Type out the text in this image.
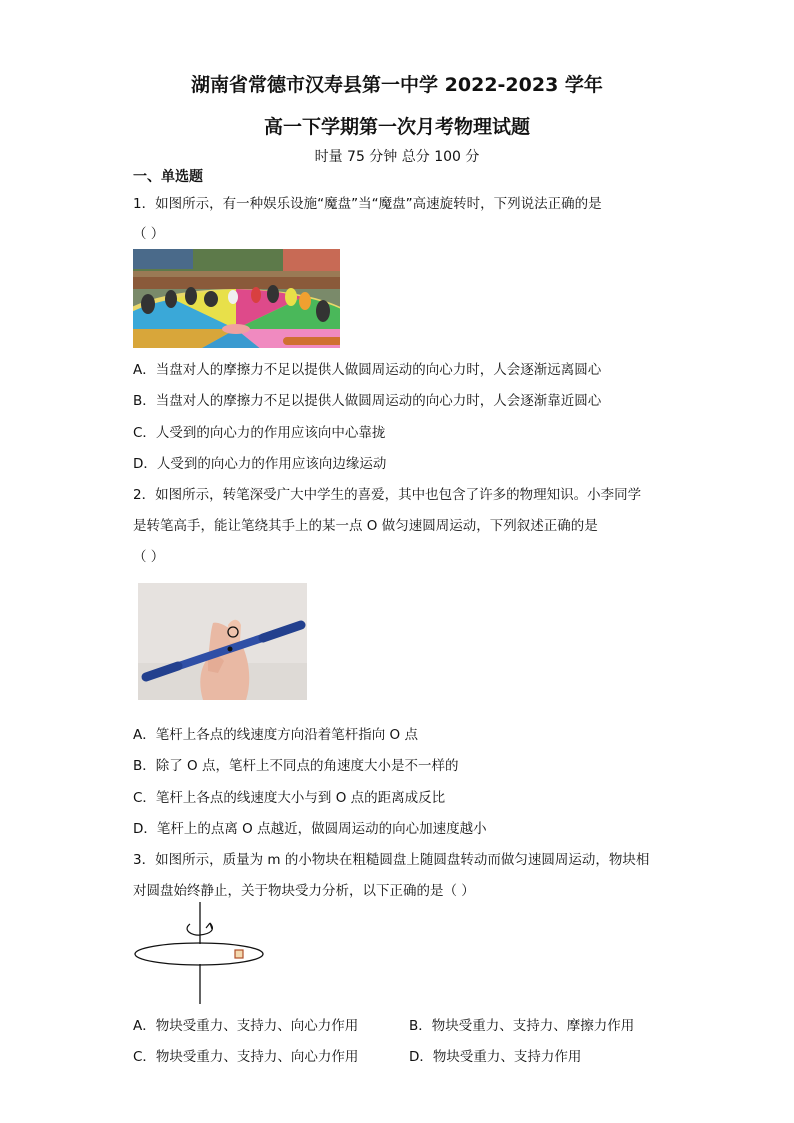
湖南省常德市汉寿县第一中学 2022-2023 学年
高一下学期第一次月考物理试题
时量 75 分钟 总分 100 分
一、单选题
1．如图所示，有一种娱乐设施“魔盘”当“魔盘”高速旋转时，下列说法正确的是
（ ）
A．当盘对人的摩擦力不足以提供人做圆周运动的向心力时，人会逐渐远离圆心
B．当盘对人的摩擦力不足以提供人做圆周运动的向心力时，人会逐渐靠近圆心
C．人受到的向心力的作用应该向中心靠拢
D．人受到的向心力的作用应该向边缘运动
2．如图所示，转笔深受广大中学生的喜爱，其中也包含了许多的物理知识。小李同学
是转笔高手，能让笔绕其手上的某一点 O 做匀速圆周运动，下列叙述正确的是
（ ）
A．笔杆上各点的线速度方向沿着笔杆指向 O 点
B．除了 O 点，笔杆上不同点的角速度大小是不一样的
C．笔杆上各点的线速度大小与到 O 点的距离成反比
D．笔杆上的点离 O 点越近，做圆周运动的向心加速度越小
3．如图所示，质量为 m 的小物块在粗糙圆盘上随圆盘转动而做匀速圆周运动，物块相
对圆盘始终静止，关于物块受力分析，以下正确的是（ ）
A．物块受重力、支持力、向心力作用	B．物块受重力、支持力、摩擦力作用
C．物块受重力、支持力、向心力作用	D．物块受重力、支持力作用
